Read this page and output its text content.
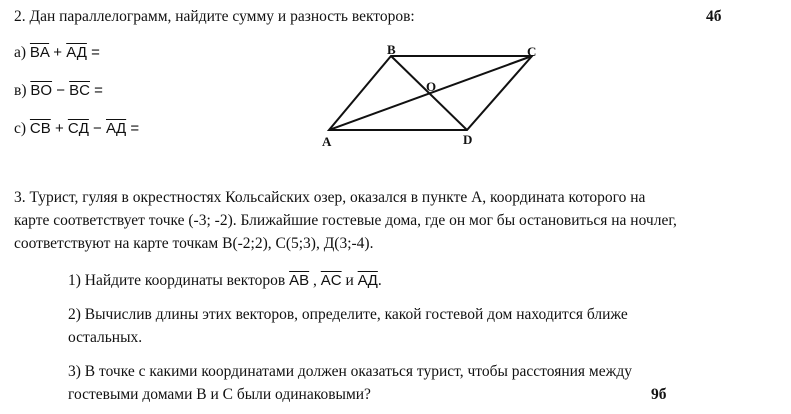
2. Дан параллелограмм, найдите сумму и разность векторов:	4б
а) $\overline{BA}$ + АД =
в) $\overline{BO} - \overline{BC}$ =
с) $\overline{CB}$ + CД − AД =
B	C
A	D
O
3. Турист, гуляя в окрестностях Кольсайских озер, оказался в пункте А, координата которого на
карте соответствует точке (-3; -2). Ближайшие гостевые дома, где он мог бы остановиться на ночлег,
соответствуют на карте точкам B(-2;2), C(5;3), Д(3;-4).
1) Найдите координаты векторов $\overline{AB}$ , $\overline{AC}$ и AД.
2) Вычислив длины этих векторов, определите, какой гостевой дом находится ближе
остальных.
3) В точке с какими координатами должен оказаться турист, чтобы расстояния между
гостевыми домами B и C были одинаковыми?	9б
